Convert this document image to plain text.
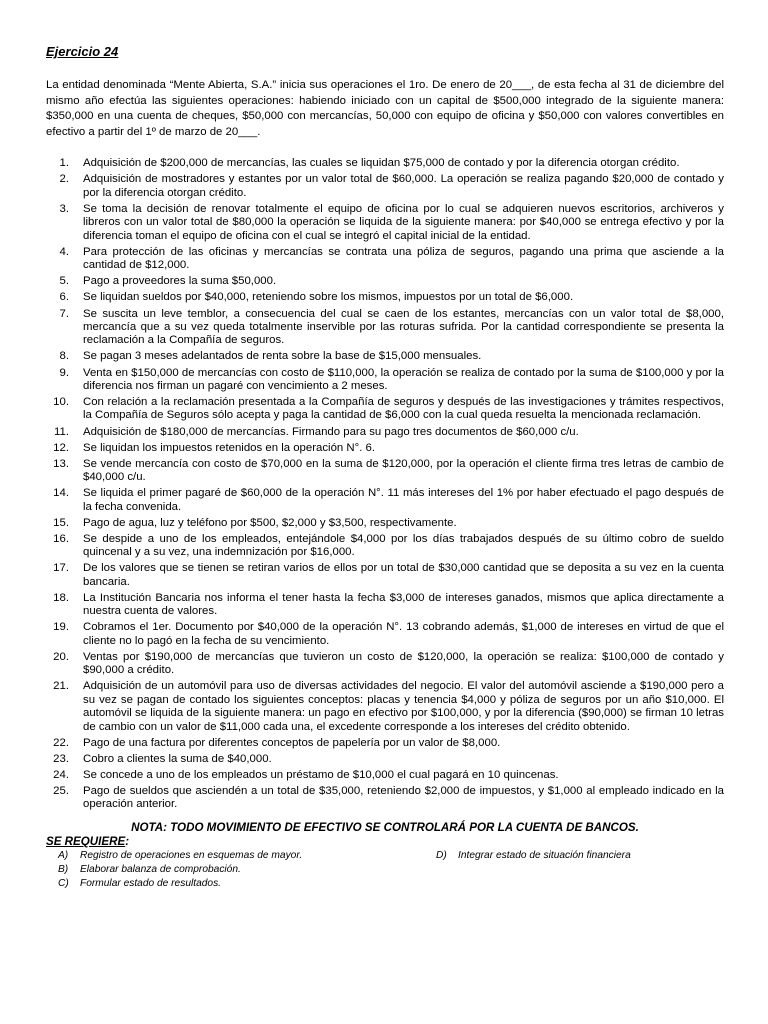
Ejercicio 24

La entidad denominada “Mente Abierta, S.A.” inicia sus operaciones el 1ro. De enero de 20___, de esta fecha al 31 de diciembre del mismo año efectúa las siguientes operaciones: habiendo iniciado con un capital de $500,000 integrado de la siguiente manera: $350,000 en una cuenta de cheques, $50,000 con mercancías, 50,000 con equipo de oficina y $50,000 con valores convertibles en efectivo a partir del 1º de marzo de 20___.

1.	Adquisición de $200,000 de mercancías, las cuales se liquidan $75,000 de contado y por la diferencia otorgan crédito.
2.	Adquisición de mostradores y estantes por un valor total de $60,000. La operación se realiza pagando $20,000 de contado y por la diferencia otorgan crédito.
3.	Se toma la decisión de renovar totalmente el equipo de oficina por lo cual se adquieren nuevos escritorios, archiveros y libreros con un valor total de $80,000 la operación se liquida de la siguiente manera: por $40,000 se entrega efectivo y por la diferencia toman el equipo de oficina con el cual se integró el capital inicial de la entidad.
4.	Para protección de las oficinas y mercancías se contrata una póliza de seguros, pagando una prima que asciende a la cantidad de $12,000.
5.	Pago a proveedores la suma $50,000.
6.	Se liquidan sueldos por $40,000, reteniendo sobre los mismos, impuestos por un total de $6,000.
7.	Se suscita un leve temblor, a consecuencia del cual se caen de los estantes, mercancías con un valor total de $8,000, mercancía que a su vez queda totalmente inservible por las roturas sufrida. Por la cantidad correspondiente se presenta la reclamación a la Compañía de seguros.
8.	Se pagan 3 meses adelantados de renta sobre la base de $15,000 mensuales.
9.	Venta en $150,000 de mercancías con costo de $110,000, la operación se realiza de contado por la suma de $100,000 y por la diferencia nos firman un pagaré con vencimiento a 2 meses.
10.	Con relación a la reclamación presentada a la Compañía de seguros y después de las investigaciones y trámites respectivos, la Compañía de Seguros sólo acepta y paga la cantidad de $6,000 con la cual queda resuelta la mencionada reclamación.
11.	Adquisición de $180,000 de mercancías. Firmando para su pago tres documentos de $60,000 c/u.
12.	Se liquidan los impuestos retenidos en la operación N°. 6.
13.	Se vende mercancía con costo de $70,000 en la suma de $120,000, por la operación el cliente firma tres letras de cambio de $40,000 c/u.
14.	Se liquida el primer pagaré de $60,000 de la operación N°. 11 más intereses del 1% por haber efectuado el pago después de la fecha convenida.
15.	Pago de agua, luz y teléfono por $500, $2,000 y $3,500, respectivamente.
16.	Se despide a uno de los empleados, entejándole $4,000 por los días trabajados después de su último cobro de sueldo quincenal y a su vez, una indemnización por $16,000.
17.	De los valores que se tienen se retiran varios de ellos por un total de $30,000 cantidad que se deposita a su vez en la cuenta bancaria.
18.	La Institución Bancaria nos informa el tener hasta la fecha $3,000 de intereses ganados, mismos que aplica directamente a nuestra cuenta de valores.
19.	Cobramos el 1er. Documento por $40,000 de la operación N°. 13 cobrando además, $1,000 de intereses en virtud de que el cliente no lo pagó en la fecha de su vencimiento.
20.	Ventas por $190,000 de mercancías que tuvieron un costo de $120,000, la operación se realiza: $100,000 de contado y $90,000 a crédito.
21.	Adquisición de un automóvil para uso de diversas actividades del negocio. El valor del automóvil asciende a $190,000 pero a su vez se pagan de contado los siguientes conceptos: placas y tenencia $4,000 y póliza de seguros por un año $10,000. El automóvil se liquida de la siguiente manera: un pago en efectivo por $100,000, y por la diferencia ($90,000) se firman 10 letras de cambio con un valor de $11,000 cada una, el excedente corresponde a los intereses del crédito obtenido.
22.	Pago de una factura por diferentes conceptos de papelería por un valor de $8,000.
23.	Cobro a clientes la suma de $40,000.
24.	Se concede a uno de los empleados un préstamo de $10,000 el cual pagará en 10 quincenas.
25.	Pago de sueldos que asciendén a un total de $35,000, reteniendo $2,000 de impuestos, y $1,000 al empleado indicado en la operación anterior.

NOTA: TODO MOVIMIENTO DE EFECTIVO SE CONTROLARÁ POR LA CUENTA DE BANCOS.

SE REQUIERE:

A)	Registro de operaciones en esquemas de mayor.
B)	Elaborar balanza de comprobación.
C)	Formular estado de resultados.
D)	Integrar estado de situación financiera
